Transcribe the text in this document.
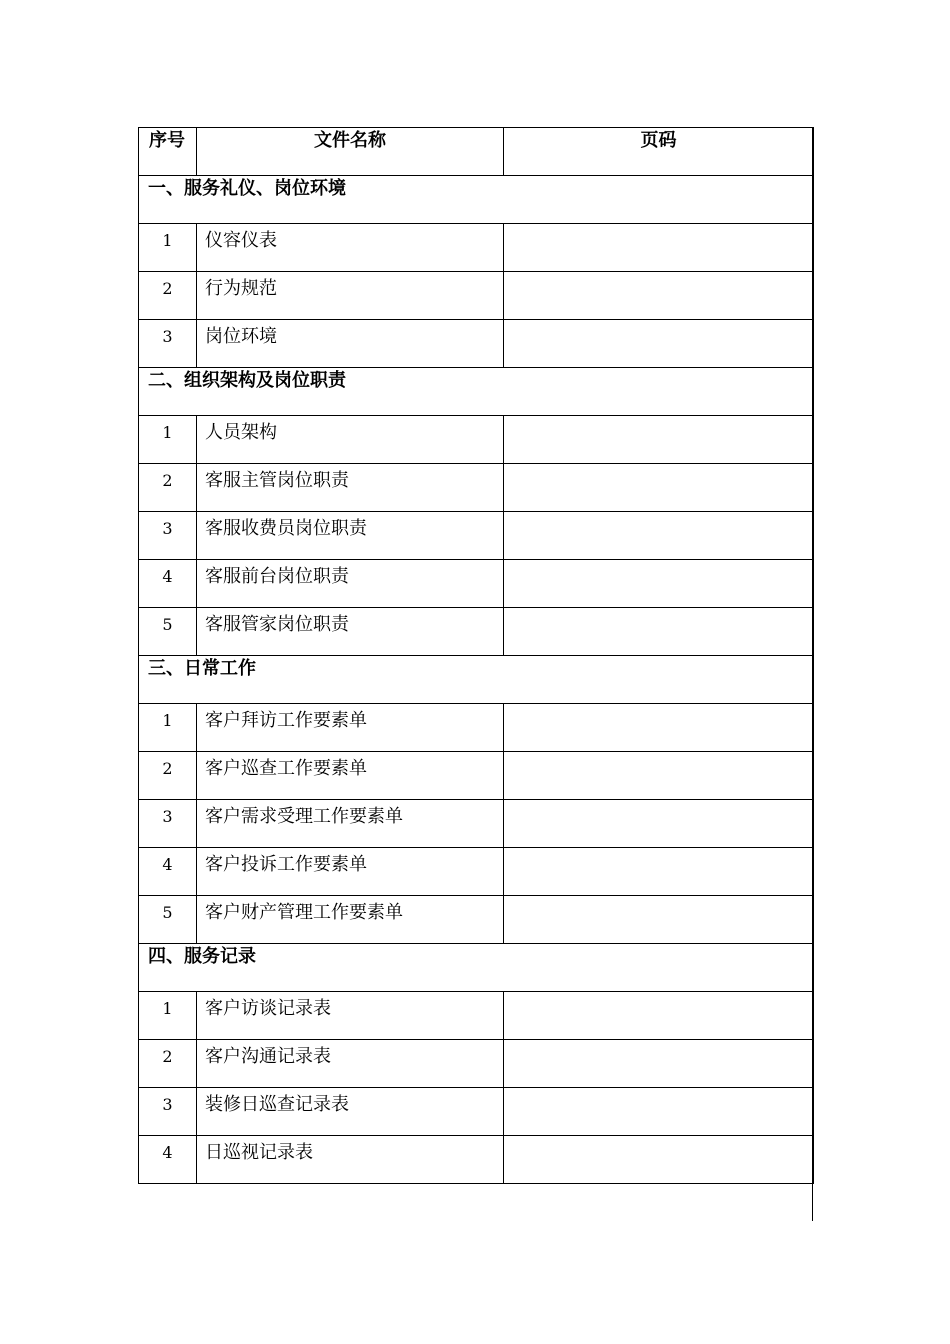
序号	文件名称	页码
一、服务礼仪、岗位环境		
1	仪容仪表	
2	行为规范	
3	岗位环境	
二、组织架构及岗位职责		
1	人员架构	
2	客服主管岗位职责	
3	客服收费员岗位职责	
4	客服前台岗位职责	
5	客服管家岗位职责	
三、日常工作		
1	客户拜访工作要素单	
2	客户巡查工作要素单	
3	客户需求受理工作要素单	
4	客户投诉工作要素单	
5	客户财产管理工作要素单	
四、服务记录		
1	客户访谈记录表	
2	客户沟通记录表	
3	装修日巡查记录表	
4	日巡视记录表	
